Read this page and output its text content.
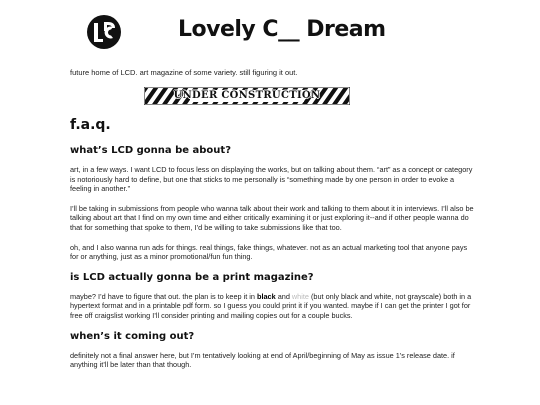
Lovely C__ Dream

future home of LCD. art magazine of some variety. still figuring it out.

UNDER CONSTRUCTION
f.a.q.
what’s LCD gonna be about?

art, in a few ways. I want LCD to focus less on displaying the works, but on talking about them. “art” as a concept or category is notoriously hard to define, but one that sticks to me personally is “something made by one person in order to evoke a feeling in another.”

I’ll be taking in submissions from people who wanna talk about their work and talking to them about it in interviews. I’ll also be talking about art that I find on my own time and either critically examining it or just exploring it--and if other people wanna do that for something that spoke to them, I’d be willing to take submissions like that too.

oh, and I also wanna run ads for things. real things, fake things, whatever. not as an actual marketing tool that anyone pays for or anything, just as a minor promotional/fun fun thing.

is LCD actually gonna be a print magazine?

maybe? I’d have to figure that out. the plan is to keep it in black and white (but only black and white, not grayscale) both in a hypertext format and in a printable pdf form. so I guess you could print it if you wanted. maybe if I can get the printer I got for free off craigslist working I’ll consider printing and mailing copies out for a couple bucks.

when’s it coming out?

definitely not a final answer here, but I’m tentatively looking at end of April/beginning of May as issue 1’s release date. if anything it’ll be later than that though.
